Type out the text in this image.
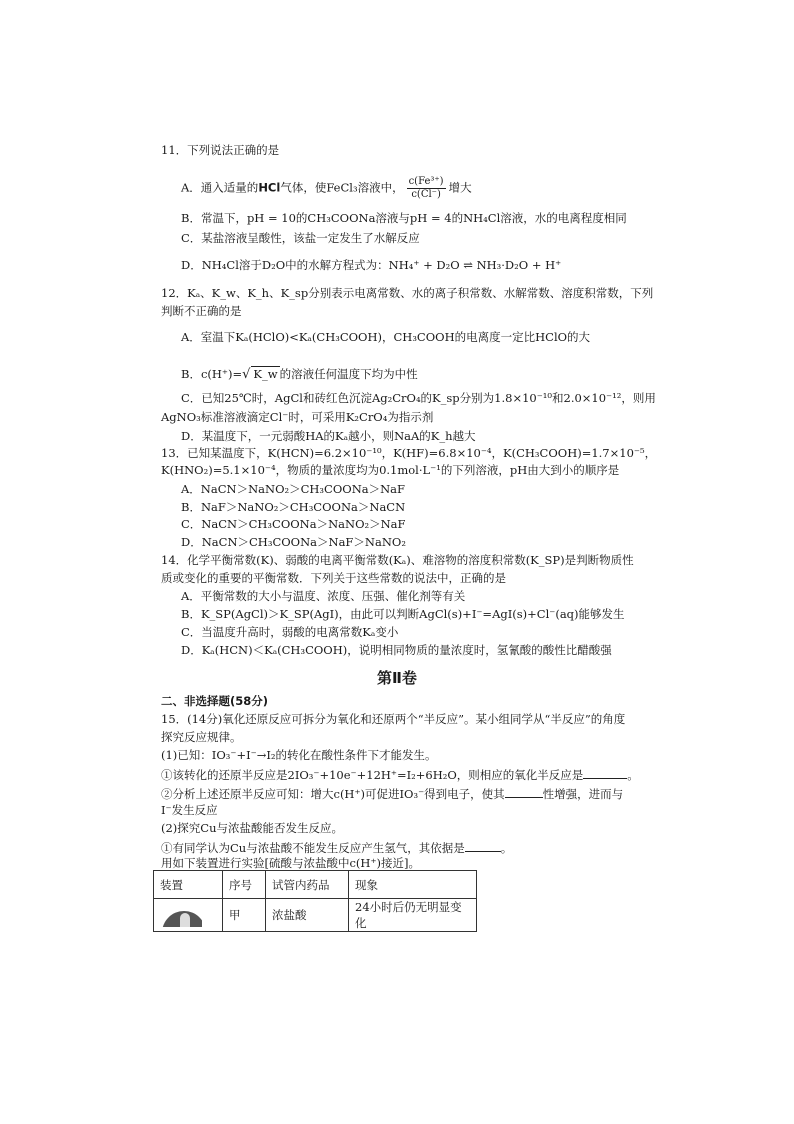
11．下列说法正确的是
A．通入适量的HCl气体，使FeCl₃溶液中， $\frac{\text{c(Fe³⁺)}}{c(Cl^-)}$ 增大
B．常温下，pH = 10的CH₃COONa溶液与pH = 4的NH₄Cl溶液，水的电离程度相同
C．某盐溶液呈酸性，该盐一定发生了水解反应
D．NH₄Cl溶于D₂O中的水解方程式为：NH₄⁺ + D₂O ⇌ NH₃·D₂O + H⁺
12．Kₐ、K_w、K_h、K_sp分别表示电离常数、水的离子积常数、水解常数、溶度积常数，下列
判断不正确的是
A．室温下Kₐ(HClO)<Kₐ(CH₃COOH)，CH₃COOH的电离度一定比HClO的大
B．c(H⁺)=√ K_w 的溶液任何温度下均为中性
C．已知25℃时，AgCl和砖红色沉淀Ag₂CrO₄的K_sp分别为1.8×10⁻¹⁰和2.0×10⁻¹²，则用
AgNO₃标准溶液滴定Cl⁻时，可采用K₂CrO₄为指示剂
D．某温度下，一元弱酸HA的Kₐ越小，则NaA的K_h越大
13．已知某温度下，K(HCN)=6.2×10⁻¹⁰，K(HF)=6.8×10⁻⁴，K(CH₃COOH)=1.7×10⁻⁵，
K(HNO₂)=5.1×10⁻⁴，物质的量浓度均为0.1mol·L⁻¹的下列溶液，pH由大到小的顺序是
A．NaCN＞NaNO₂＞CH₃COONa＞NaF
B．NaF＞NaNO₂＞CH₃COONa＞NaCN
C．NaCN＞CH₃COONa＞NaNO₂＞NaF
D．NaCN＞CH₃COONa＞NaF＞NaNO₂
14．化学平衡常数(K)、弱酸的电离平衡常数(Kₐ)、难溶物的溶度积常数(K_SP)是判断物质性
质或变化的重要的平衡常数．下列关于这些常数的说法中，正确的是
A．平衡常数的大小与温度、浓度、压强、催化剂等有关
B．K_SP(AgCl)＞K_SP(AgI)，由此可以判断AgCl(s)+I⁻=AgI(s)+Cl⁻(aq)能够发生
C．当温度升高时，弱酸的电离常数Kₐ变小
D．Kₐ(HCN)＜Kₐ(CH₃COOH)，说明相同物质的量浓度时，氢氰酸的酸性比醋酸强
第Ⅱ卷
二、非选择题(58分)
15．(14分)氧化还原反应可拆分为氧化和还原两个“半反应”。某小组同学从“半反应”的角度
探究反应规律。
(1)已知：IO₃⁻+I⁻→I₂的转化在酸性条件下才能发生。
①该转化的还原半反应是2IO₃⁻+10e⁻+12H⁺=I₂+6H₂O，则相应的氧化半反应是	。
②分析上述还原半反应可知：增大c(H⁺)可促进IO₃⁻得到电子，使其	性增强，进而与
I⁻发生反应
(2)探究Cu与浓盐酸能否发生反应。
①有同学认为Cu与浓盐酸不能发生反应产生氢气，其依据是	。
用如下装置进行实验[硫酸与浓盐酸中c(H⁺)接近]。
装置	序号	试管内药品	现象
	甲	浓盐酸	24小时后仍无明显变化
